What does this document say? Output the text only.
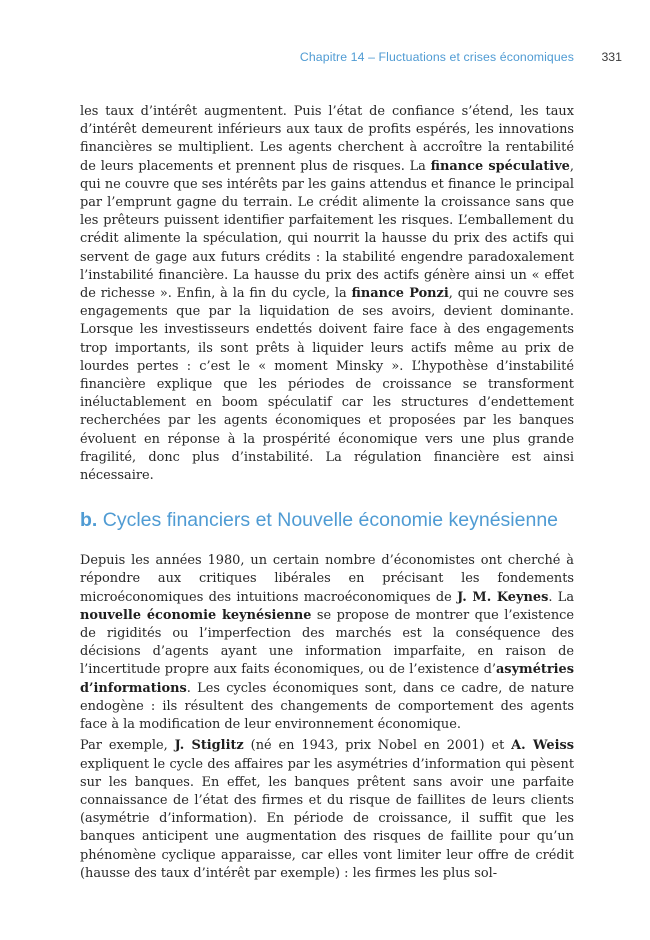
Chapitre 14 – Fluctuations et crises économiques 331

les taux d’intérêt augmentent. Puis l’état de confiance s’étend, les taux d’intérêt demeurent inférieurs aux taux de profits espérés, les innovations financières se multiplient. Les agents cherchent à accroître la rentabilité de leurs placements et prennent plus de risques. La finance spéculative, qui ne couvre que ses intérêts par les gains attendus et finance le principal par l’emprunt gagne du terrain. Le crédit alimente la croissance sans que les prêteurs puissent identifier parfaitement les risques. L’emballement du crédit alimente la spéculation, qui nourrit la hausse du prix des actifs qui servent de gage aux futurs crédits : la stabilité engendre paradoxalement l’instabilité financière. La hausse du prix des actifs génère ainsi un « effet de richesse ». Enfin, à la fin du cycle, la finance Ponzi, qui ne couvre ses engagements que par la liquidation de ses avoirs, devient dominante. Lorsque les investisseurs endettés doivent faire face à des engagements trop importants, ils sont prêts à liquider leurs actifs même au prix de lourdes pertes : c’est le « moment Minsky ». L’hypothèse d’instabilité financière explique que les périodes de croissance se transforment inéluctablement en boom spéculatif car les structures d’endettement recherchées par les agents économiques et proposées par les banques évoluent en réponse à la prospérité économique vers une plus grande fragilité, donc plus d’instabilité. La régulation financière est ainsi nécessaire.

b. Cycles financiers et Nouvelle économie keynésienne

Depuis les années 1980, un certain nombre d’économistes ont cherché à répondre aux critiques libérales en précisant les fondements microéconomiques des intuitions macroéconomiques de J. M. Keynes. La nouvelle économie keynésienne se propose de montrer que l’existence de rigidités ou l’imperfection des marchés est la conséquence des décisions d’agents ayant une information imparfaite, en raison de l’incertitude propre aux faits économiques, ou de l’existence d’asymétries d’informations. Les cycles économiques sont, dans ce cadre, de nature endogène : ils résultent des changements de comportement des agents face à la modification de leur environnement économique.

Par exemple, J. Stiglitz (né en 1943, prix Nobel en 2001) et A. Weiss expliquent le cycle des affaires par les asymétries d’information qui pèsent sur les banques. En effet, les banques prêtent sans avoir une parfaite connaissance de l’état des firmes et du risque de faillites de leurs clients (asymétrie d’information). En période de croissance, il suffit que les banques anticipent une augmentation des risques de faillite pour qu’un phénomène cyclique apparaisse, car elles vont limiter leur offre de crédit (hausse des taux d’intérêt par exemple) : les firmes les plus sol-
